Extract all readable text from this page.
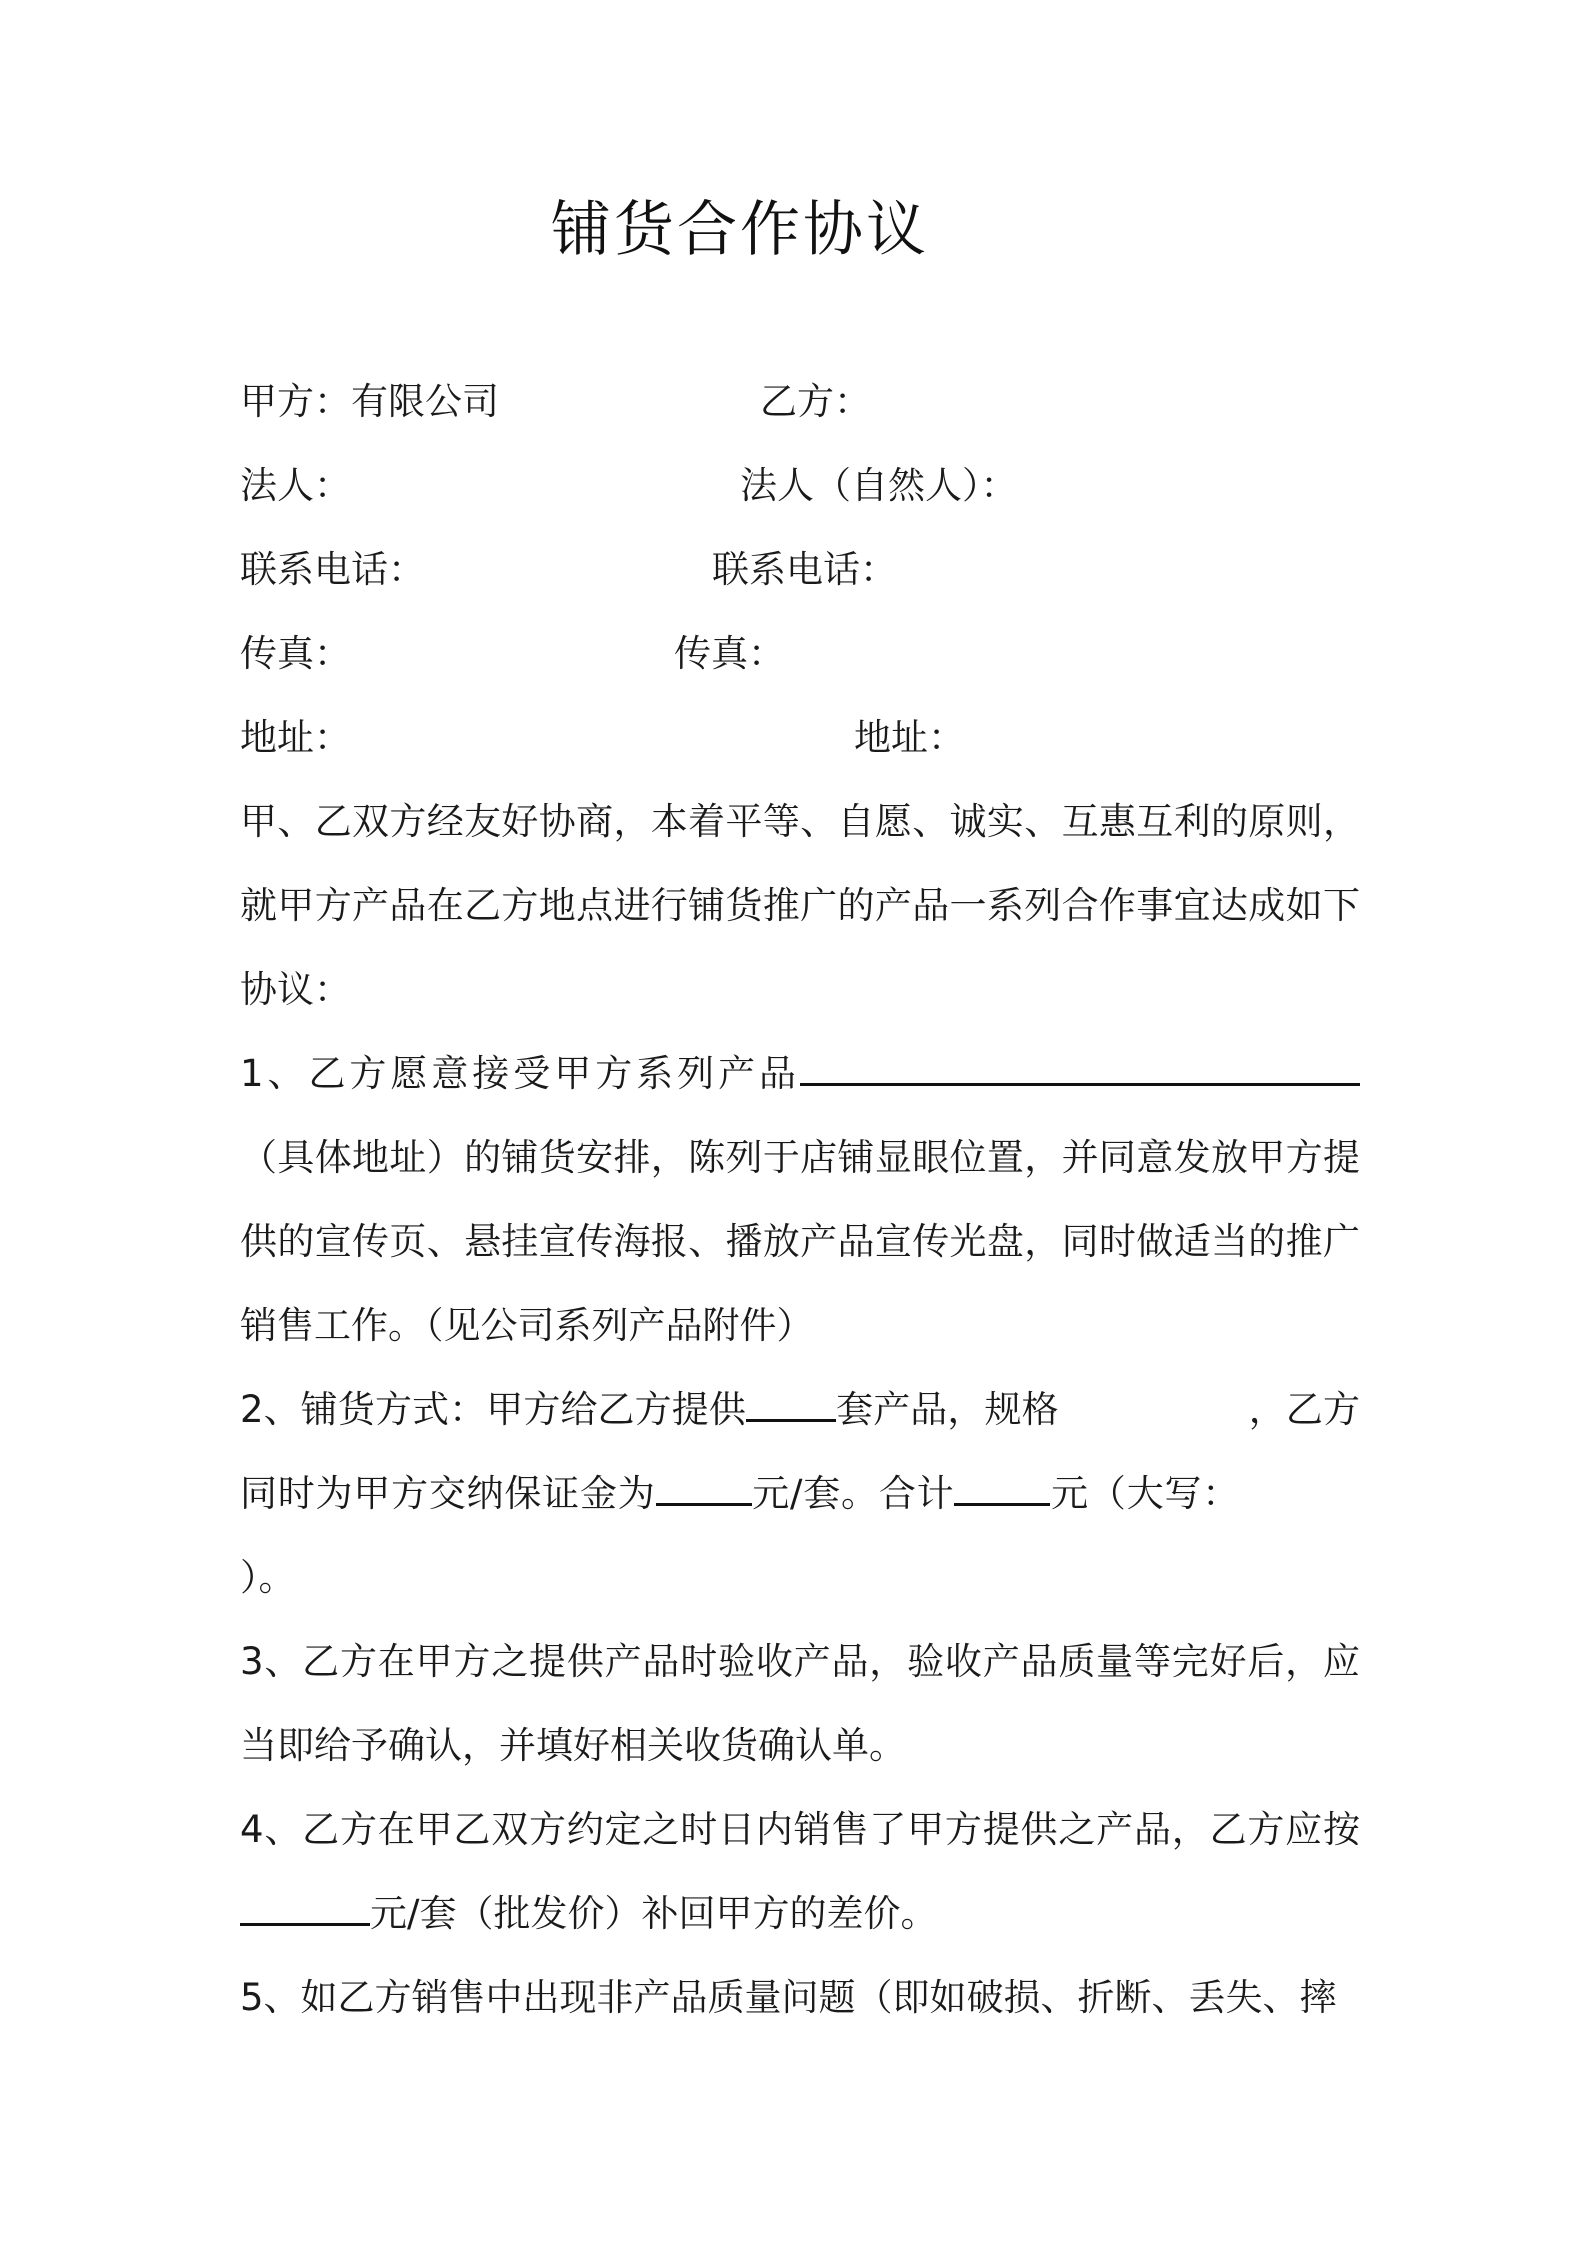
铺货合作协议
甲方：有限公司	乙方：
法人：	法人（自然人）：
联系电话：	联系电话：
传真：	传真：
地址：	地址：
甲、乙双方经友好协商，本着平等、自愿、诚实、互惠互利的原则，就甲方产品在乙方地点进行铺货推广的产品一系列合作事宜达成如下协议：
1、乙方愿意接受甲方系列产品（具体地址）的铺货安排，陈列于店铺显眼位置，并同意发放甲方提供的宣传页、悬挂宣传海报、播放产品宣传光盘，同时做适当的推广销售工作。（见公司系列产品附件）
2、铺货方式：甲方给乙方提供 套产品，规格	，乙方同时为甲方交纳保证金为	元/套。合计	元（大写：）。
3、乙方在甲方之提供产品时验收产品，验收产品质量等完好后，应当即给予确认，并填好相关收货确认单。
4、乙方在甲乙双方约定之时日内销售了甲方提供之产品，乙方应按元/套（批发价）补回甲方的差价。
5、如乙方销售中出现非产品质量问题（即如破损、折断、丢失、摔
